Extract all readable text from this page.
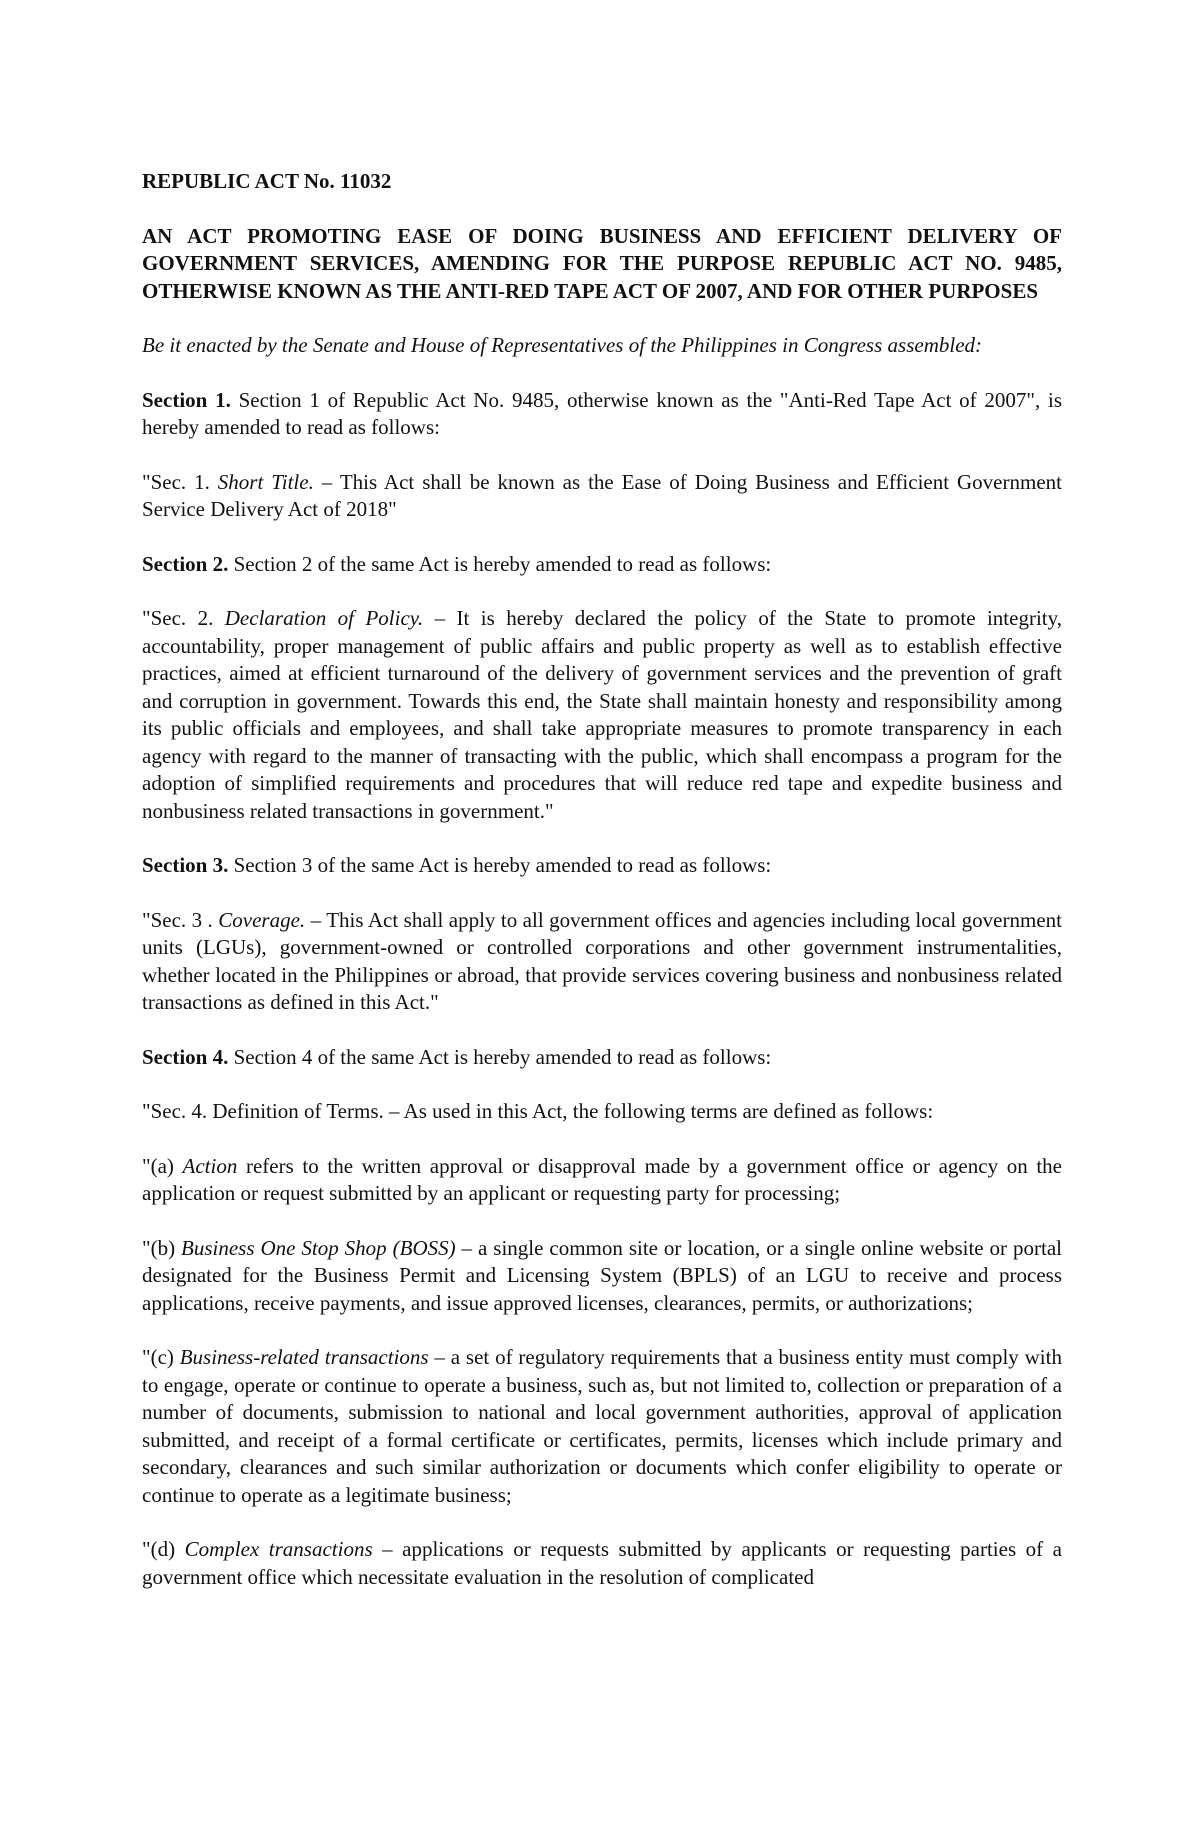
REPUBLIC ACT No. 11032

AN ACT PROMOTING EASE OF DOING BUSINESS AND EFFICIENT DELIVERY OF GOVERNMENT SERVICES, AMENDING FOR THE PURPOSE REPUBLIC ACT NO. 9485, OTHERWISE KNOWN AS THE ANTI-RED TAPE ACT OF 2007, AND FOR OTHER PURPOSES

Be it enacted by the Senate and House of Representatives of the Philippines in Congress assembled:

Section 1. Section 1 of Republic Act No. 9485, otherwise known as the "Anti-Red Tape Act of 2007", is hereby amended to read as follows:

"Sec. 1. Short Title. – This Act shall be known as the Ease of Doing Business and Efficient Government Service Delivery Act of 2018"

Section 2. Section 2 of the same Act is hereby amended to read as follows:

"Sec. 2. Declaration of Policy. – It is hereby declared the policy of the State to promote integrity, accountability, proper management of public affairs and public property as well as to establish effective practices, aimed at efficient turnaround of the delivery of government services and the prevention of graft and corruption in government. Towards this end, the State shall maintain honesty and responsibility among its public officials and employees, and shall take appropriate measures to promote transparency in each agency with regard to the manner of transacting with the public, which shall encompass a program for the adoption of simplified requirements and procedures that will reduce red tape and expedite business and nonbusiness related transactions in government."

Section 3. Section 3 of the same Act is hereby amended to read as follows:

"Sec. 3 . Coverage. – This Act shall apply to all government offices and agencies including local government units (LGUs), government-owned or controlled corporations and other government instrumentalities, whether located in the Philippines or abroad, that provide services covering business and nonbusiness related transactions as defined in this Act."

Section 4. Section 4 of the same Act is hereby amended to read as follows:

"Sec. 4. Definition of Terms. – As used in this Act, the following terms are defined as follows:

"(a) Action refers to the written approval or disapproval made by a government office or agency on the application or request submitted by an applicant or requesting party for processing;

"(b) Business One Stop Shop (BOSS) – a single common site or location, or a single online website or portal designated for the Business Permit and Licensing System (BPLS) of an LGU to receive and process applications, receive payments, and issue approved licenses, clearances, permits, or authorizations;

"(c) Business-related transactions – a set of regulatory requirements that a business entity must comply with to engage, operate or continue to operate a business, such as, but not limited to, collection or preparation of a number of documents, submission to national and local government authorities, approval of application submitted, and receipt of a formal certificate or certificates, permits, licenses which include primary and secondary, clearances and such similar authorization or documents which confer eligibility to operate or continue to operate as a legitimate business;

"(d) Complex transactions – applications or requests submitted by applicants or requesting parties of a government office which necessitate evaluation in the resolution of complicated
